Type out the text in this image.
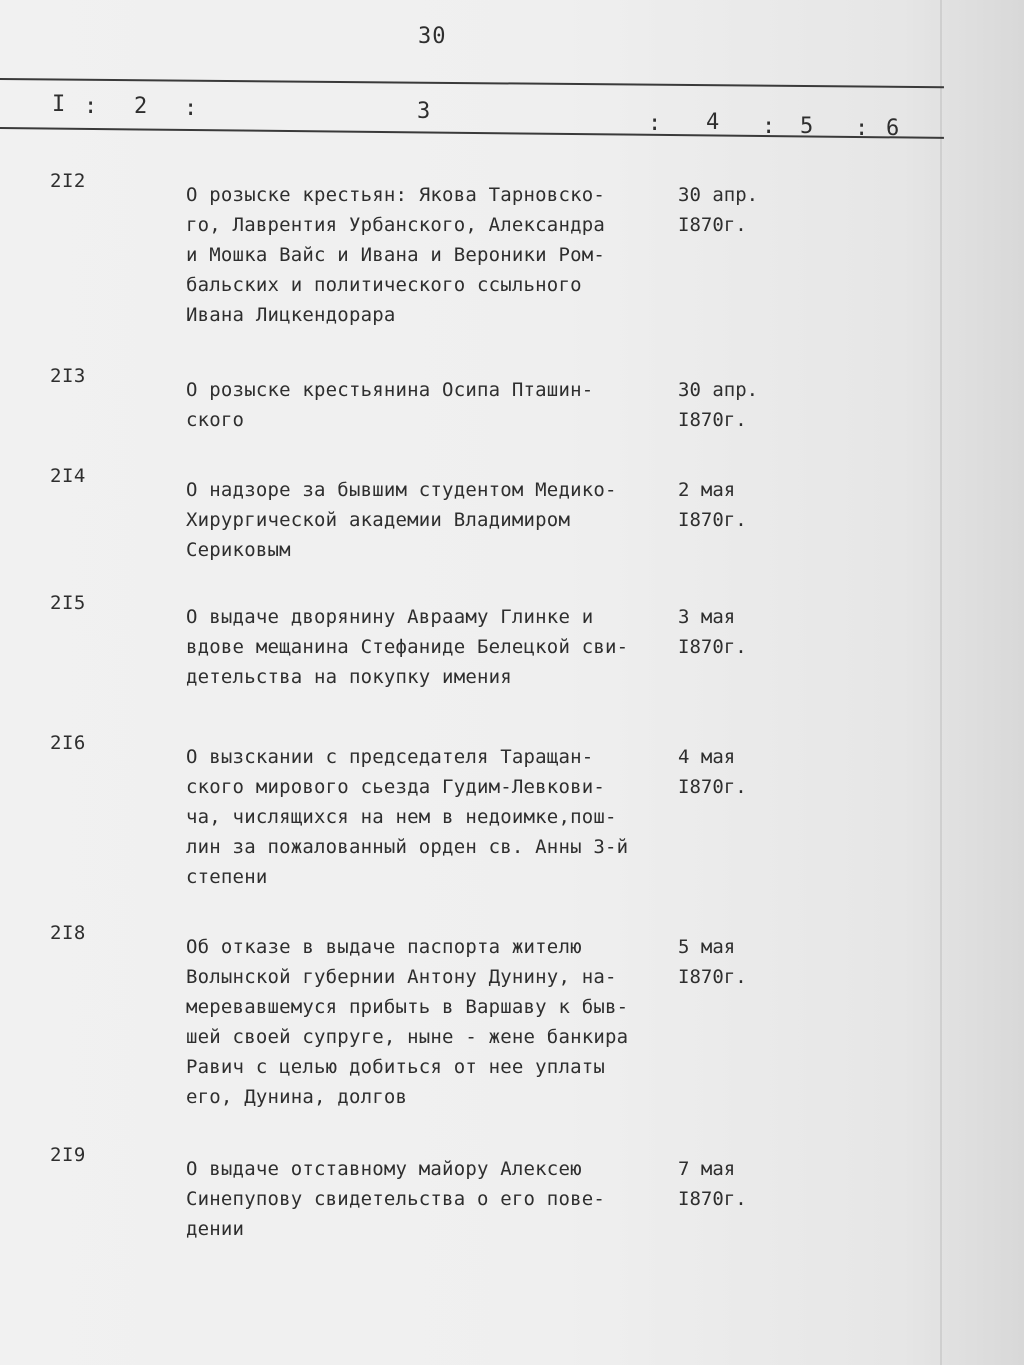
30
I : 2 :	3	: 4 : 5 : 6
2I2
О розыске крестьян: Якова Тарновско-
го, Лаврентия Урбанского, Александра
и Мошка Вайс и Ивана и Вероники Ром-
бальских и политического ссыльного
Ивана Лицкендорара
30 апр.
I870г.
2I3
О розыске крестьянина Осипа Пташин-
ского
30 апр.
I870г.
2I4
О надзоре за бывшим студентом Медико-
Хирургической академии Владимиром
Сериковым
2 мая
I870г.
2I5
О выдаче дворянину Аврааму Глинке и
вдове мещанина Стефаниде Белецкой сви-
детельства на покупку имения
3 мая
I870г.
2I6
О вызскании с председателя Таращан-
ского мирового сьезда Гудим-Левкови-
ча, числящихся на нем в недоимке,пош-
лин за пожалованный орден св. Анны 3-й
степени
4 мая
I870г.
2I8
Об отказе в выдаче паспорта жителю
Волынской губернии Антону Дунину, на-
меревавшемуся прибыть в Варшаву к быв-
шей своей супруге, ныне - жене банкира
Равич с целью добиться от нее уплаты
его, Дунина, долгов
5 мая
I870г.
2I9
О выдаче отставному майору Алексею
Синепупову свидетельства о его пове-
дении
7 мая
I870г.
